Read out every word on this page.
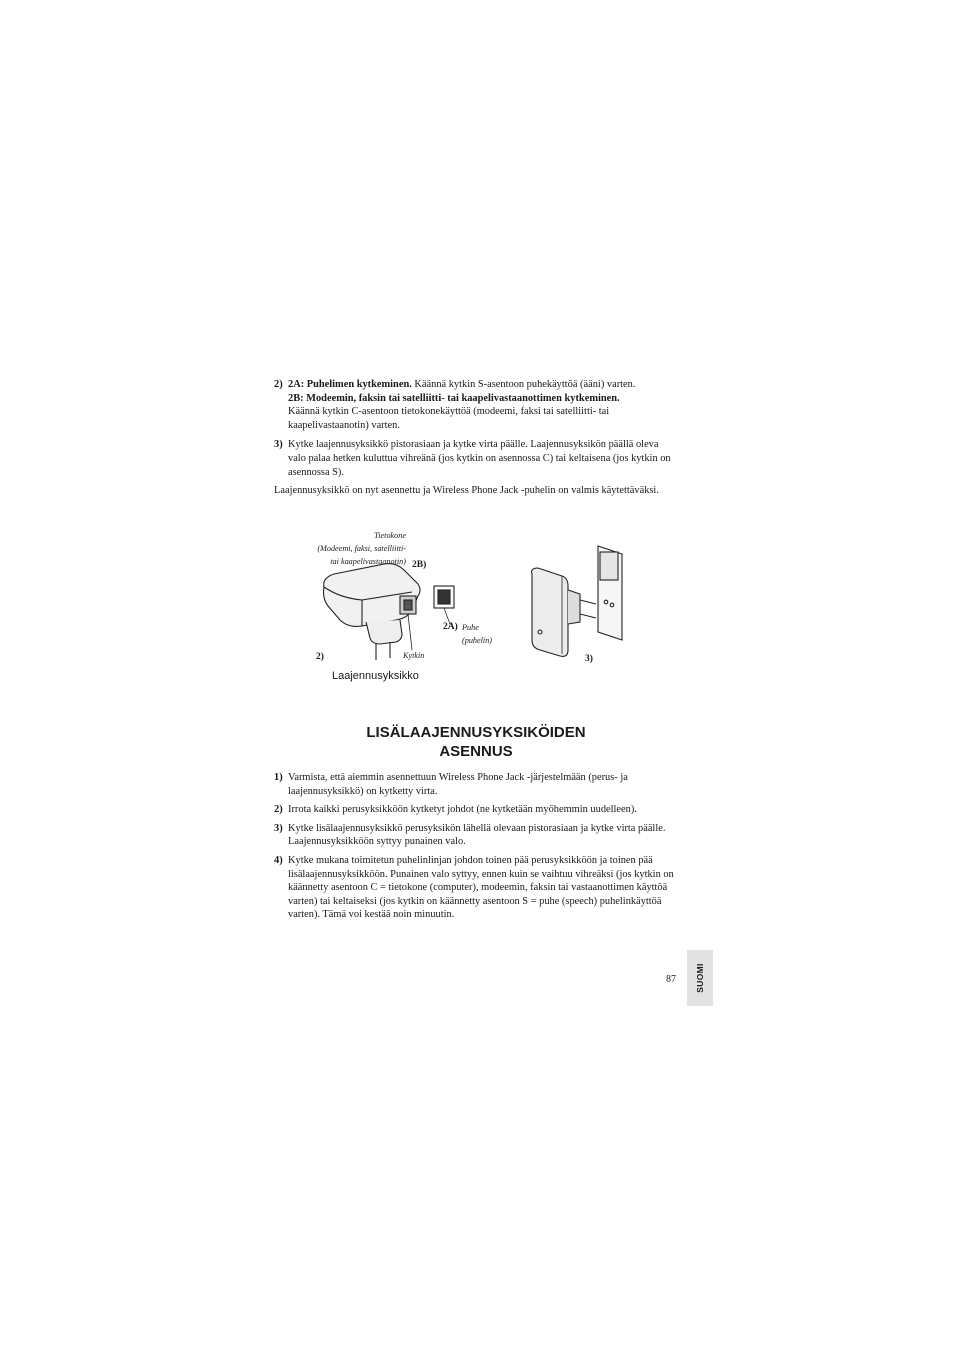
2) 2A: Puhelimen kytkeminen. Käännä kytkin S-asentoon puhekäyttöä (ääni) varten.

2B: Modeemin, faksin tai satelliitti- tai kaapelivastaanottimen kytkeminen.
Käännä kytkin C-asentoon tietokonekäyttöä (modeemi, faksi tai satelliitti- tai kaapelivastaanotin) varten.

3) Kytke laajennusyksikkö pistorasiaan ja kytke virta päälle. Laajennusyksikön päällä oleva valo palaa hetken kuluttua vihreänä (jos kytkin on asennossa C) tai keltaisena (jos kytkin on asennossa S).

Laajennusyksikkö on nyt asennettu ja Wireless Phone Jack -puhelin on valmis käytettäväksi.

Tietokone
(Modeemi, faksi, satelliitti-
tai kaapelivastaanotin) 2B)
2A) Puhe
(puhelin)
2)	Kytkin	3)
Laajennusyksikko
LISÄLAAJENNUSYKSIKÖIDEN
ASENNUS
1) Varmista, että aiemmin asennettuun Wireless Phone Jack -järjestelmään (perus- ja laajennusyksikkö) on kytketty virta.

2) Irrota kaikki perusyksikköön kytketyt johdot (ne kytketään myöhemmin uudelleen).

3) Kytke lisälaajennusyksikkö perusyksikön lähellä olevaan pistorasiaan ja kytke virta päälle. Laajennusyksikköön syttyy punainen valo.

4) Kytke mukana toimitetun puhelinlinjan johdon toinen pää perusyksikköön ja toinen pää lisälaajennusyksikköön. Punainen valo syttyy, ennen kuin se vaihtuu vihreäksi (jos kytkin on käännetty asentoon C = tietokone (computer), modeemin, faksin tai vastaanottimen käyttöä varten) tai keltaiseksi (jos kytkin on käännetty asentoon S = puhe (speech) puhelinkäyttöä varten). Tämä voi kestää noin minuutin.

SUOMI
87
